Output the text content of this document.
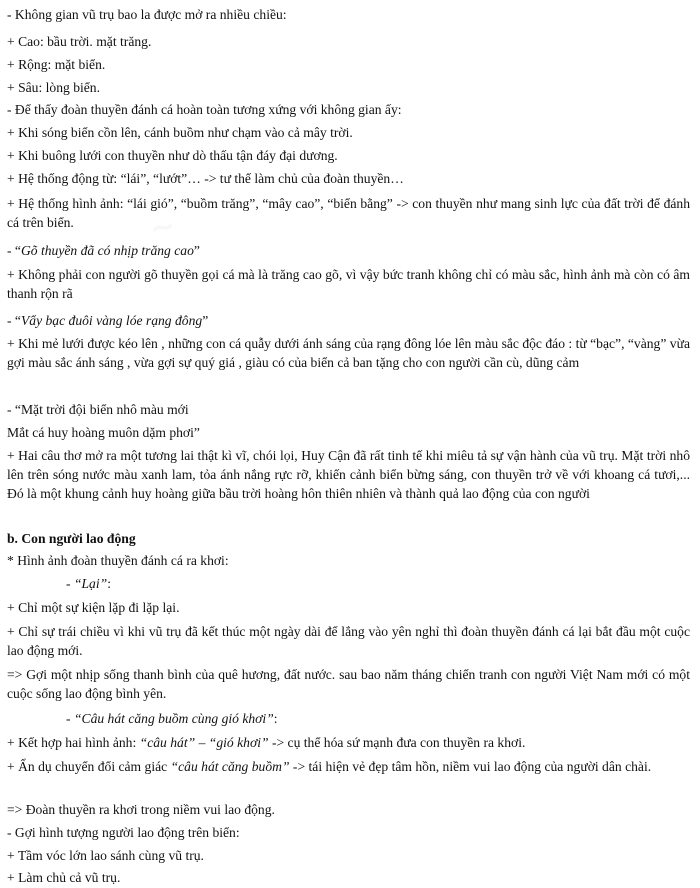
~
- Không gian vũ trụ bao la được mở ra nhiều chiều:
+ Cao: bầu trời. mặt trăng.
+ Rộng: mặt biển.
+ Sâu: lòng biển.
- Để thấy đoàn thuyền đánh cá hoàn toàn tương xứng với không gian ấy:
+ Khi sóng biển cồn lên, cánh buồm như chạm vào cả mây trời.
+ Khi buông lưới con thuyền như dò thấu tận đáy đại dương.
+ Hệ thống động từ: “lái”, “lướt”… -> tư thế làm chủ của đoàn thuyền…
+ Hệ thống hình ảnh: “lái gió”, “buồm trăng”, “mây cao”, “biển bằng” -> con thuyền như mang sinh lực của đất trời để đánh cá trên biển.
- “Gõ thuyền đã có nhịp trăng cao”
+ Không phải con người gõ thuyền gọi cá mà là trăng cao gõ, vì vậy bức tranh không chỉ có màu sắc, hình ảnh mà còn có âm thanh rộn rã
- “Vẩy bạc đuôi vàng lóe rạng đông”
+ Khi mẻ lưới được kéo lên , những con cá quẫy dưới ánh sáng của rạng đông lóe lên màu sắc độc đáo : từ “bạc”, “vàng” vừa gợi màu sắc ánh sáng , vừa gợi sự quý giá , giàu có của biển cả ban tặng cho con người cần cù, dũng cảm
- “Mặt trời đội biển nhô màu mới
Mắt cá huy hoàng muôn dặm phơi”
+ Hai câu thơ mở ra một tương lai thật kì vĩ, chói lọi, Huy Cận đã rất tinh tế khi miêu tả sự vận hành của vũ trụ. Mặt trời nhô lên trên sóng nước màu xanh lam, tỏa ánh nắng rực rỡ, khiến cảnh biển bừng sáng, con thuyền trở về với khoang cá tươi,... Đó là một khung cảnh huy hoàng giữa bầu trời hoàng hôn thiên nhiên và thành quả lao động của con người
b. Con người lao động
* Hình ảnh đoàn thuyền đánh cá ra khơi:
- “Lại”:
+ Chỉ một sự kiện lặp đi lặp lại.
+ Chỉ sự trái chiều vì khi vũ trụ đã kết thúc một ngày dài để lắng vào yên nghỉ thì đoàn thuyền đánh cá lại bắt đầu một cuộc lao động mới.
=> Gợi một nhịp sống thanh bình của quê hương, đất nước. sau bao năm tháng chiến tranh con người Việt Nam mới có một cuộc sống lao động bình yên.
- “Câu hát căng buồm cùng gió khơi”:
+ Kết hợp hai hình ảnh: “câu hát” – “gió khơi” -> cụ thể hóa sứ mạnh đưa con thuyền ra khơi.
+ Ẩn dụ chuyển đổi cảm giác “câu hát căng buồm” -> tái hiện vẻ đẹp tâm hồn, niềm vui lao động của người dân chài.
=> Đoàn thuyền ra khơi trong niềm vui lao động.
- Gợi hình tượng người lao động trên biển:
+ Tầm vóc lớn lao sánh cùng vũ trụ.
+ Làm chủ cả vũ trụ.
